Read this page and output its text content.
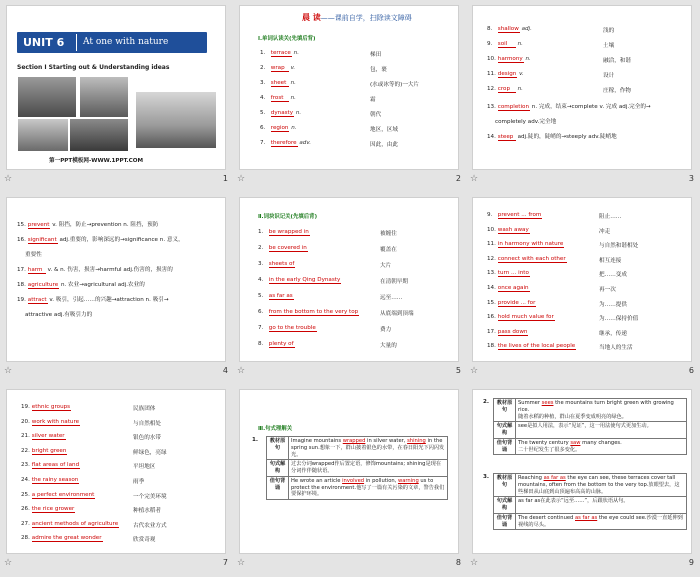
UNIT 6 At one with nature
Section Ⅰ Starting out & Understanding ideas
第一PPT模板网-WWW.1PPT.COM
☆	1
晨 读——课前自学，扫除读文障碍
Ⅰ.单词认读关(先填后背)
1. terrace n.	梯田
2. wrap v.	包，裹
3. sheet n.	(水或冰等的)一大片
4. frost n.	霜
5. dynasty n.	朝代
6. region n.	地区，区域
7. therefore adv.	因此，由此
☆	2
8. shallow adj.	浅的
9. soil n.	土壤
10. harmony n.	融洽，和谐
11. design v.	设计
12. crop n.	庄稼，作物
13. completion n. 完成，结束→complete v. 完成 adj.完全的→
completely adv.完全地
14. steep adj.陡的，陡峭的→steeply adv.陡峭地
☆	3
15. prevent v. 阻挡，防止→prevention n. 阻挡，预防
16. significant adj.重要的，影响深远的→significance n. 意义，
重要性
17. harm v. & n. 伤害，损害→harmful adj.伤害的，损害的
18. agriculture n. 农业→agricultural adj.农业的
19. attract v. 吸引，引起……的兴趣→attraction n. 吸引→
attractive adj.有吸引力的
☆	4
Ⅱ.词块识记关(先填后背)
1. be wrapped in	被缠住
2. be covered in	覆盖在
3. sheets of	大片
4. in the early Qing Dynasty	在清朝早期
5. as far as	远至……
6. from the bottom to the very top	从底端到顶端
7. go to the trouble	费力
8. plenty of	大量的
☆	5
9. prevent ... from	阻止……
10. wash away	冲走
11. in harmony with nature	与自然和谐相处
12. connect with each other	相互连接
13. turn ... into	把……变成
14. once again	再一次
15. provide ... for	为……提供
16. hold much value for	为……保持价值
17. pass down	继承，传递
18. the lives of the local people	当地人的生活
☆	6
19. ethnic groups	民族团体
20. work with nature	与自然相处
21. silver water	银色的水带
22. bright green	鲜绿色，亮绿
23. flat areas of land	平坦地区
24. the rainy season	雨季
25. a perfect environment	一个完美环境
26. the rice grower	种植水稻者
27. ancient methods of agriculture	古代农业方式
28. admire the great wonder	欣赏奇观
☆	7
Ⅲ.句式理解关
1. 教材原句	Imagine mountains wrapped in silver water, shining in the spring sun.想象一下，群山披着银色的水带，在春日阳光下闪闪发光。
句式解构	过去分词wrapped作后置定语，修饰mountains; shining是现在分词作伴随状语。
佳句背诵	He wrote an article involved in pollution, warning us to protect the environment.他写了一篇有关污染的文章，警告我们要保护环境。
☆	8
2. 教材原句	Summer sees the mountains turn bright green with growing rice.
随着水稻的种植，群山在夏季变成明亮的绿色。
句式解构	see是拟人用法，表示“见证”，这一用法使句式更加生动。
佳句背诵	The twenty century saw many changes.
二十世纪发生了很多变化。
3. 教材原句	Reaching as far as the eye can see, these terraces cover tall mountains, often from the bottom to the very top.放眼望去，这些梯田从山底到山顶遍布高高的山脉。
句式解构	as far as在此表示“远至……”，后跟状语从句。
佳句背诵	The desert continued as far as the eye could see.沙漠一直延伸到视线的尽头。
☆	9
